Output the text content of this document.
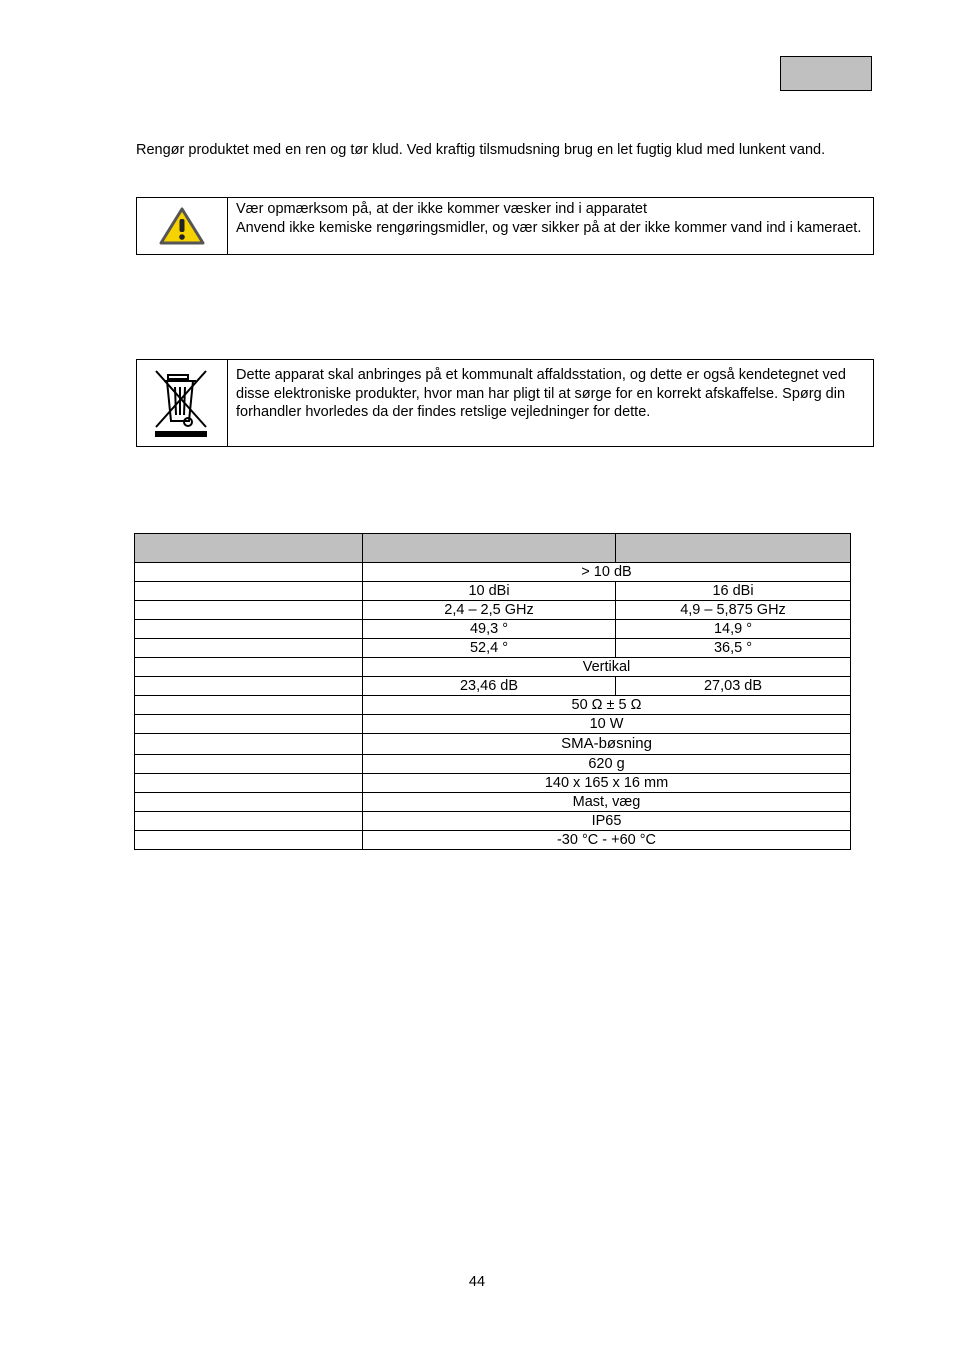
Rengør produktet med en ren og tør klud. Ved kraftig tilsmudsning brug en let fugtig klud med lunkent vand.

Vær opmærksom på, at der ikke kommer væsker ind i apparatet
Anvend ikke kemiske rengøringsmidler, og vær sikker på at der ikke kommer vand ind i kameraet.
Dette apparat skal anbringes på et kommunalt affaldsstation, og dette er også kendetegnet ved disse elektroniske produkter, hvor man har pligt til at sørge for en korrekt afskaffelse. Spørg din forhandler hvorledes da der findes retslige vejledninger for dette.

	> 10 dB	
	10 dBi	16 dBi
	2,4 – 2,5 GHz	4,9 – 5,875 GHz
	49,3 °	14,9 °
	52,4 °	36,5 °
	Vertikal	
	23,46 dB	27,03 dB
	50 Ω ± 5 Ω	
	10 W	
	SMA-bøsning	
	620 g	
	140 x 165 x 16 mm	
	Mast, væg	
	IP65	
	-30 °C - +60 °C	
44
